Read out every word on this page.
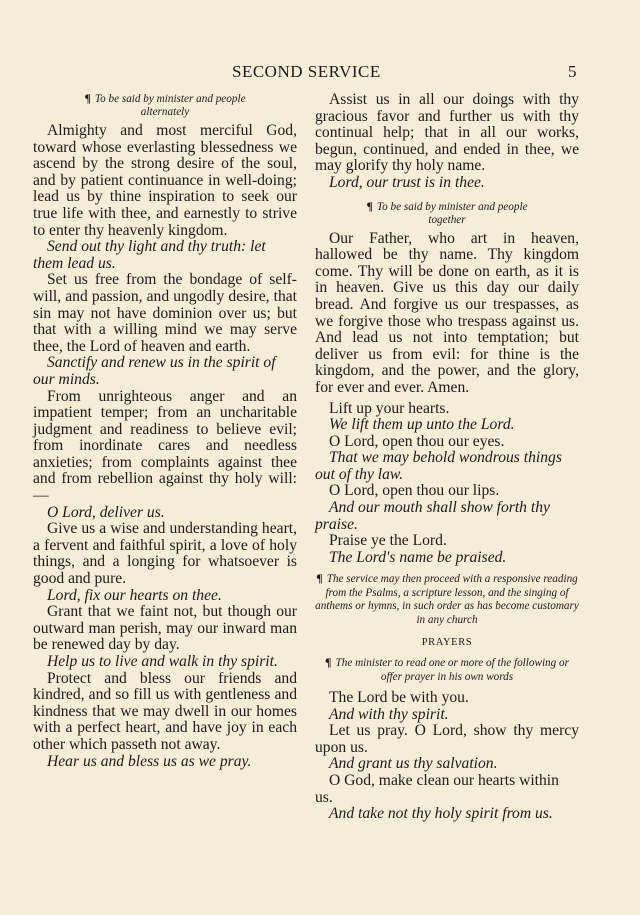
SECOND SERVICE	5
¶ To be said by minister and people
alternately

Almighty and most merciful God, toward whose everlasting blessedness we ascend by the strong desire of the soul, and by patient continuance in well-doing; lead us by thine inspiration to seek our true life with thee, and earnestly to strive to enter thy heavenly kingdom.

Send out thy light and thy truth: let them lead us.

Set us free from the bondage of self-will, and passion, and ungodly desire, that sin may not have dominion over us; but that with a willing mind we may serve thee, the Lord of heaven and earth.

Sanctify and renew us in the spirit of our minds.

From unrighteous anger and an impatient temper; from an uncharitable judgment and readiness to believe evil; from inordinate cares and needless anxieties; from complaints against thee and from rebellion against thy holy will: —

O Lord, deliver us.

Give us a wise and understanding heart, a fervent and faithful spirit, a love of holy things, and a longing for whatsoever is good and pure.

Lord, fix our hearts on thee.

Grant that we faint not, but though our outward man perish, may our inward man be renewed day by day.

Help us to live and walk in thy spirit.

Protect and bless our friends and kindred, and so fill us with gentleness and kindness that we may dwell in our homes with a perfect heart, and have joy in each other which passeth not away.

Hear us and bless us as we pray.

Assist us in all our doings with thy gracious favor and further us with thy continual help; that in all our works, begun, continued, and ended in thee, we may glorify thy holy name.

Lord, our trust is in thee.

¶ To be said by minister and people
together

Our Father, who art in heaven, hallowed be thy name. Thy kingdom come. Thy will be done on earth, as it is in heaven. Give us this day our daily bread. And forgive us our trespasses, as we forgive those who trespass against us. And lead us not into temptation; but deliver us from evil: for thine is the kingdom, and the power, and the glory, for ever and ever. Amen.

Lift up your hearts.

We lift them up unto the Lord.

O Lord, open thou our eyes.

That we may behold wondrous things out of thy law.

O Lord, open thou our lips.

And our mouth shall show forth thy praise.

Praise ye the Lord.

The Lord's name be praised.

¶ The service may then proceed with a responsive reading from the Psalms, a scripture lesson, and the singing of anthems or hymns, in such order as has become customary in any church
PRAYERS
¶ The minister to read one or more of the following or offer prayer in his own words

The Lord be with you.

And with thy spirit.

Let us pray. O Lord, show thy mercy upon us.

And grant us thy salvation.

O God, make clean our hearts within us.

And take not thy holy spirit from us.
